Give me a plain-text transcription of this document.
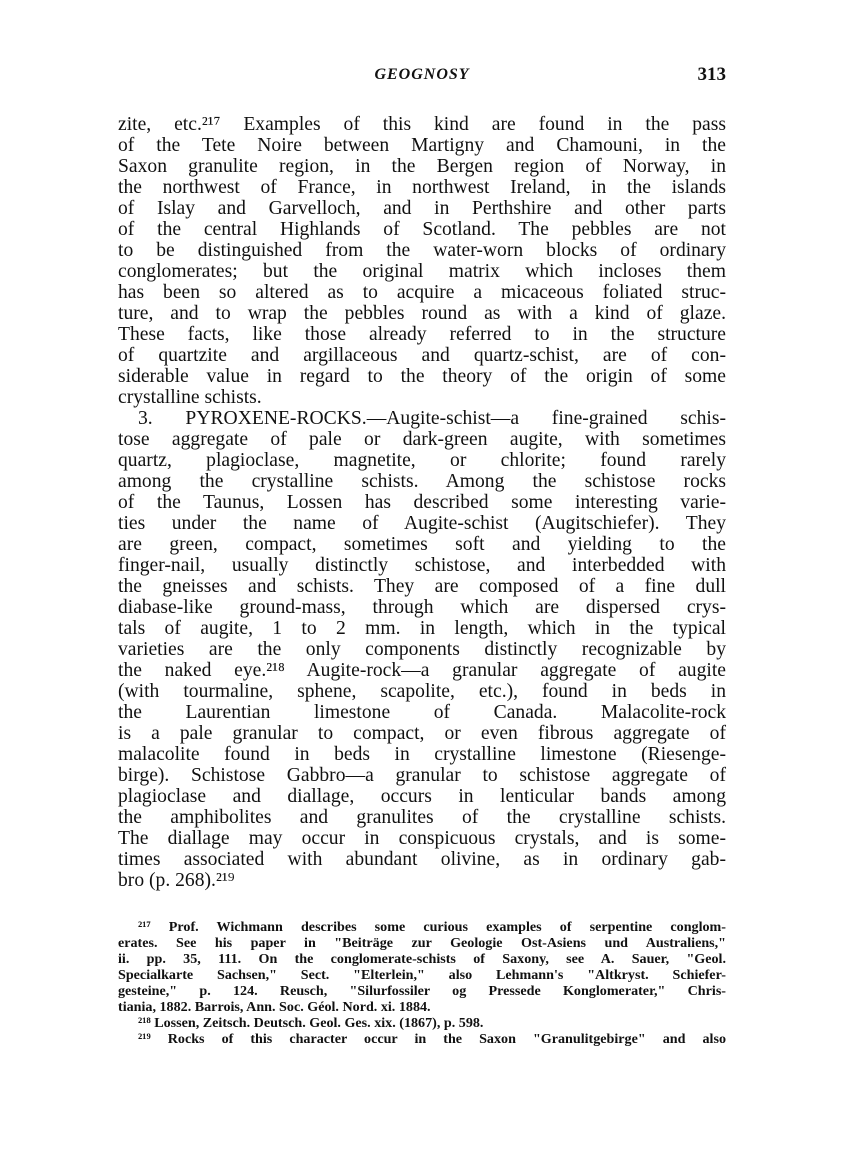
GEOGNOSY	313
zite, etc.²¹⁷ Examples of this kind are found in the pass
of the Tete Noire between Martigny and Chamouni, in the
Saxon granulite region, in the Bergen region of Norway, in
the northwest of France, in northwest Ireland, in the islands
of Islay and Garvelloch, and in Perthshire and other parts
of the central Highlands of Scotland. The pebbles are not
to be distinguished from the water-worn blocks of ordinary
conglomerates; but the original matrix which incloses them
has been so altered as to acquire a micaceous foliated struc-
ture, and to wrap the pebbles round as with a kind of glaze.
These facts, like those already referred to in the structure
of quartzite and argillaceous and quartz-schist, are of con-
siderable value in regard to the theory of the origin of some
crystalline schists.
3. PYROXENE-ROCKS.—Augite-schist—a fine-grained schis-
tose aggregate of pale or dark-green augite, with sometimes
quartz, plagioclase, magnetite, or chlorite; found rarely
among the crystalline schists. Among the schistose rocks
of the Taunus, Lossen has described some interesting varie-
ties under the name of Augite-schist (Augitschiefer). They
are green, compact, sometimes soft and yielding to the
finger-nail, usually distinctly schistose, and interbedded with
the gneisses and schists. They are composed of a fine dull
diabase-like ground-mass, through which are dispersed crys-
tals of augite, 1 to 2 mm. in length, which in the typical
varieties are the only components distinctly recognizable by
the naked eye.²¹⁸ Augite-rock—a granular aggregate of augite
(with tourmaline, sphene, scapolite, etc.), found in beds in
the Laurentian limestone of Canada. Malacolite-rock
is a pale granular to compact, or even fibrous aggregate of
malacolite found in beds in crystalline limestone (Riesenge-
birge). Schistose Gabbro—a granular to schistose aggregate of
plagioclase and diallage, occurs in lenticular bands among
the amphibolites and granulites of the crystalline schists.
The diallage may occur in conspicuous crystals, and is some-
times associated with abundant olivine, as in ordinary gab-
bro (p. 268).²¹⁹
²¹⁷ Prof. Wichmann describes some curious examples of serpentine conglom-
erates. See his paper in "Beiträge zur Geologie Ost-Asiens und Australiens,"
ii. pp. 35, 111. On the conglomerate-schists of Saxony, see A. Sauer, "Geol.
Specialkarte Sachsen," Sect. "Elterlein," also Lehmann's "Altkryst. Schiefer-
gesteine," p. 124. Reusch, "Silurfossiler og Pressede Konglomerater," Chris-
tiania, 1882. Barrois, Ann. Soc. Géol. Nord. xi. 1884.
²¹⁸ Lossen, Zeitsch. Deutsch. Geol. Ges. xix. (1867), p. 598.
²¹⁹ Rocks of this character occur in the Saxon "Granulitgebirge" and also
